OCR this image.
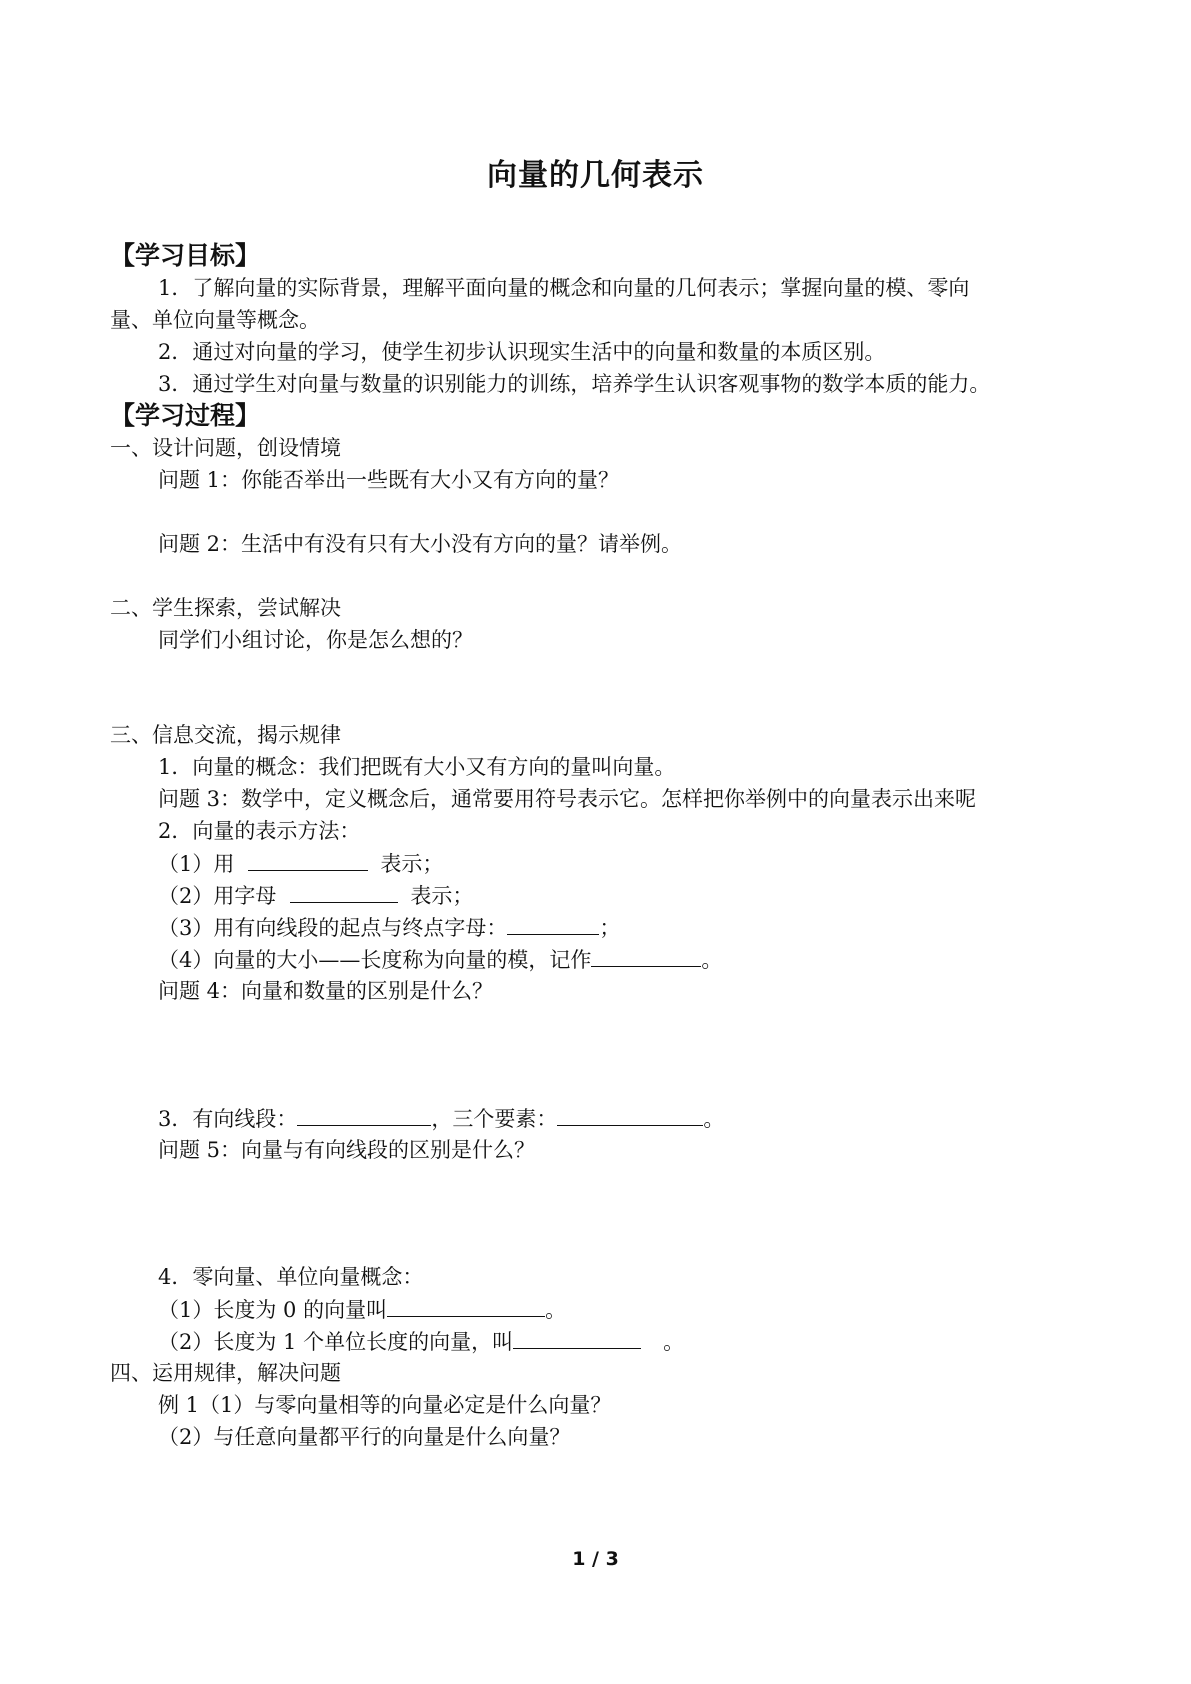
向量的几何表示
【学习目标】
1．了解向量的实际背景，理解平面向量的概念和向量的几何表示；掌握向量的模、零向
量、单位向量等概念。
2．通过对向量的学习，使学生初步认识现实生活中的向量和数量的本质区别。
3．通过学生对向量与数量的识别能力的训练，培养学生认识客观事物的数学本质的能力。
【学习过程】
一、设计问题，创设情境
问题 1：你能否举出一些既有大小又有方向的量？
问题 2：生活中有没有只有大小没有方向的量？请举例。
二、学生探索，尝试解决
同学们小组讨论，你是怎么想的？
三、信息交流，揭示规律
1．向量的概念：我们把既有大小又有方向的量叫向量。
问题 3：数学中，定义概念后，通常要用符号表示它。怎样把你举例中的向量表示出来呢
2．向量的表示方法：
（1）用	表示；
（2）用字母	表示；
（3）用有向线段的起点与终点字母：	；
（4）向量的大小——长度称为向量的模，记作	。
问题 4：向量和数量的区别是什么？
3．有向线段：	，三个要素：	。
问题 5：向量与有向线段的区别是什么？
4．零向量、单位向量概念：
（1）长度为 0 的向量叫	。
（2）长度为 1 个单位长度的向量，叫	。
四、运用规律，解决问题
例 1（1）与零向量相等的向量必定是什么向量？
（2）与任意向量都平行的向量是什么向量？
1 / 3
